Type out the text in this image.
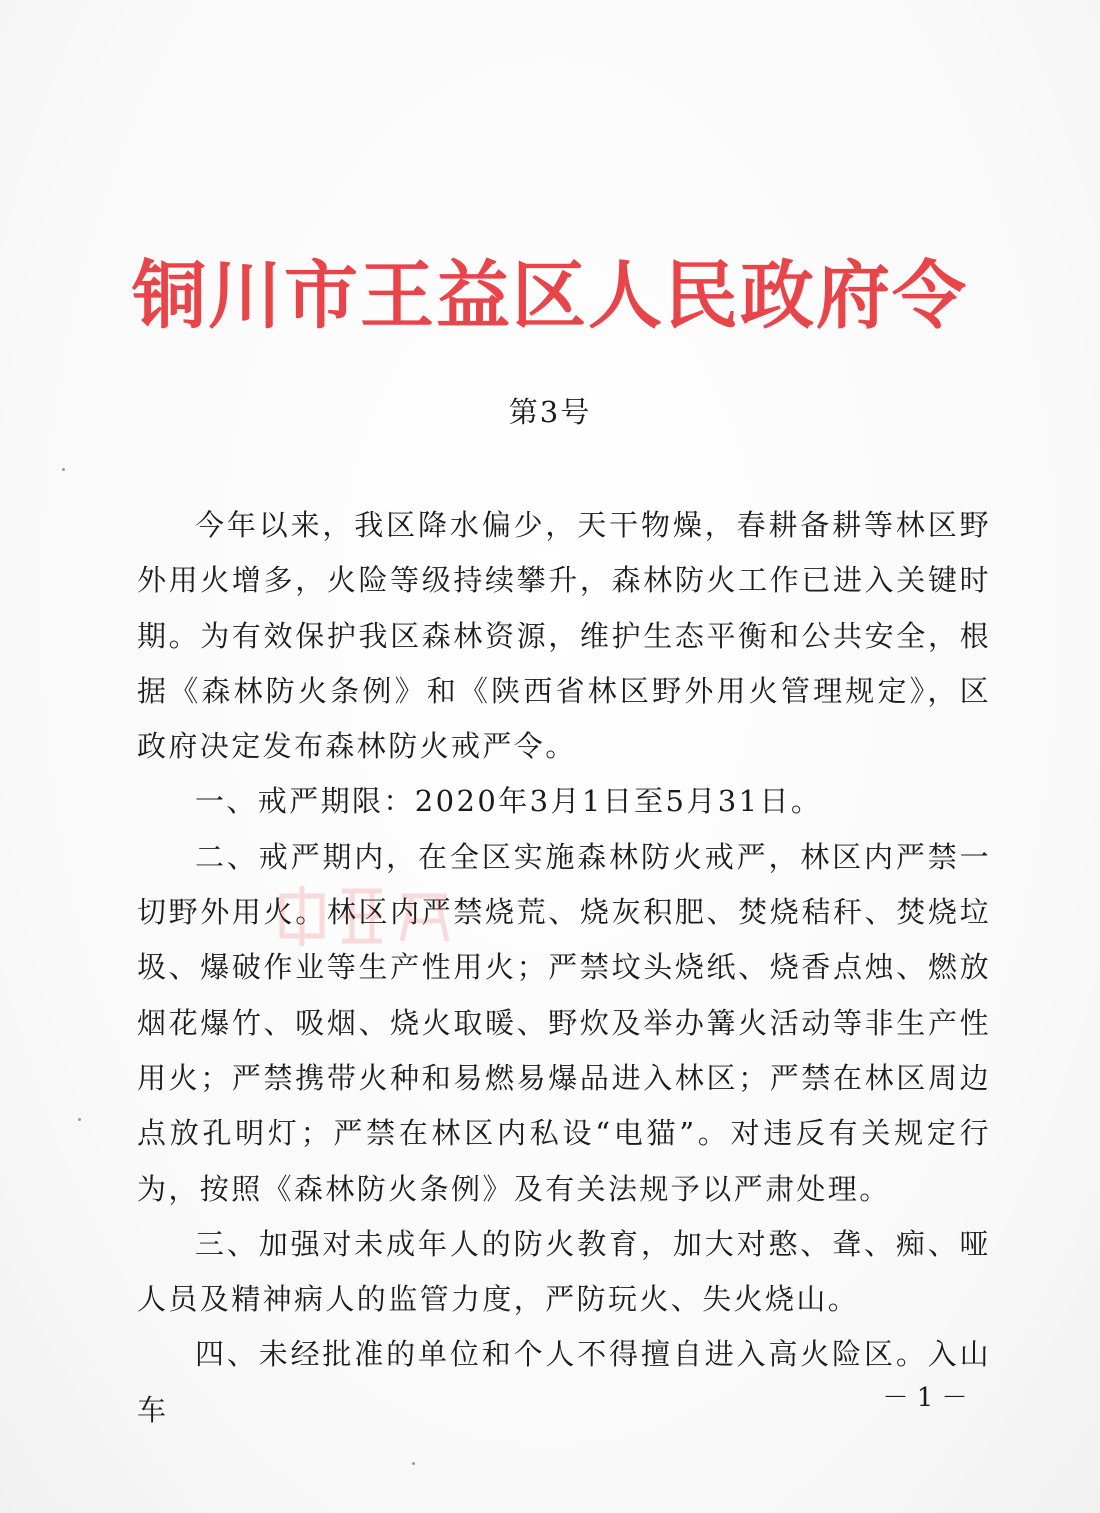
铜川市王益区人民政府令
第3号

今年以来，我区降水偏少，天干物燥，春耕备耕等林区野外用火增多，火险等级持续攀升，森林防火工作已进入关键时期。为有效保护我区森林资源，维护生态平衡和公共安全，根据《森林防火条例》和《陕西省林区野外用火管理规定》，区政府决定发布森林防火戒严令。

一、戒严期限：2020年3月1日至5月31日。

二、戒严期内，在全区实施森林防火戒严，林区内严禁一切野外用火。林区内严禁烧荒、烧灰积肥、焚烧秸秆、焚烧垃圾、爆破作业等生产性用火；严禁坟头烧纸、烧香点烛、燃放烟花爆竹、吸烟、烧火取暖、野炊及举办篝火活动等非生产性用火；严禁携带火种和易燃易爆品进入林区；严禁在林区周边点放孔明灯；严禁在林区内私设“电猫”。对违反有关规定行为，按照《森林防火条例》及有关法规予以严肃处理。

三、加强对未成年人的防火教育，加大对憨、聋、痴、哑人员及精神病人的监管力度，严防玩火、失火烧山。

四、未经批准的单位和个人不得擅自进入高火险区。入山车	－ 1 －
